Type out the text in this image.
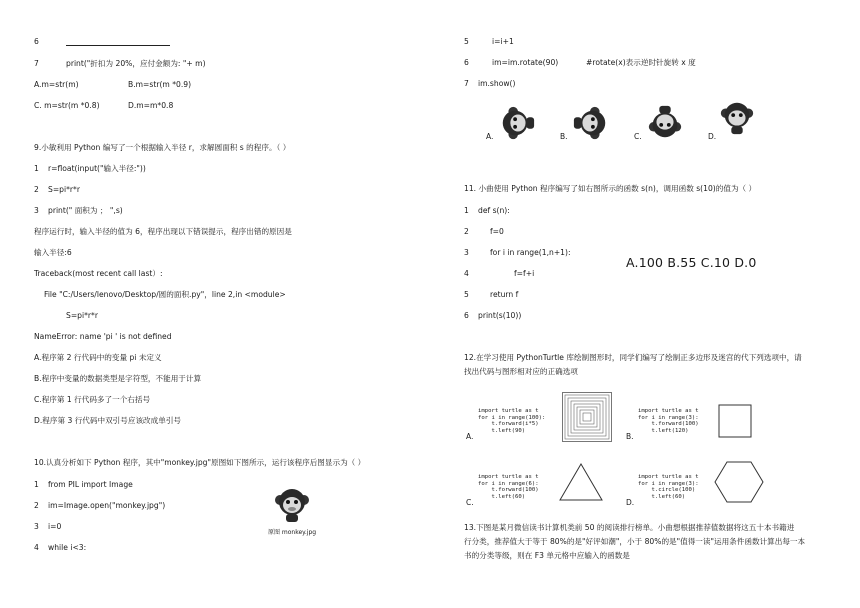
6
7	print("折扣为 20%，应付金额为: "+ m)
A.m=str(m)	B.m=str(m *0.9)
C. m=str(m *0.8)	D.m=m*0.8
9.小敏利用 Python 编写了一个根据输入半径 r，求解圆面积 s 的程序。（ ）
1 r=float(input("输入半径:"))
2 S=pi*r*r
3 print(" 面积为 ； ",s)
程序运行时，输入半径的值为 6，程序出现以下错误提示，程序出错的原因是
输入半径:6
Traceback(most recent call last）:
File "C:/Users/lenovo/Desktop/圆的面积.py"，line 2,in <module>
S=pi*r*r
NameError: name 'pi ' is not defined
A.程序第 2 行代码中的变量 pi 未定义
B.程序中变量的数据类型是字符型，不能用于计算
C.程序第 1 行代码多了一个右括号
D.程序第 3 行代码中双引号应该改成单引号
10.认真分析如下 Python 程序，其中"monkey.jpg"原图如下图所示，运行该程序后图显示为（ ）
1 from PIL import Image
2 im=Image.open("monkey.jpg")
3 i=0
4 while i<3:
原图 monkey.jpg
5	i=i+1
6	im=im.rotate(90)	#rotate(x)表示逆时针旋转 x 度
7 im.show()
A.	B.	C.	D.
11. 小曲使用 Python 程序编写了如右图所示的函数 s(n)，调用函数 s(10)的值为（ ）
1 def s(n):
2	f=0
3	for i in range(1,n+1):
4	f=f+i
5	return f
6 print(s(10))
A.100 B.55 C.10 D.0
12.在学习使用 PythonTurtle 库绘制图形时，同学们编写了绘制正多边形及迷宫的代下列选项中，请
找出代码与图形相对应的正确选项
import turtle as t
for i in range(100):
t.forward(i*5)
t.left(90)
A.
import turtle as t
for i in range(3):
t.forward(100)
t.left(120)
B.
import turtle as t
for i in range(6):
t.forward(100)
t.left(60)
C.
import turtle as t
for i in range(3):
t.circle(100)
t.left(60)
D.
13.下图是某月微信读书计算机类前 50 的阅读排行榜单。小曲想根据推荐值数据将这五十本书籍进
行分类，推荐值大于等于 80%的是"好评如潮"，小于 80%的是"值得一读"运用条件函数计算出每一本
书的分类等级，则在 F3 单元格中应输入的函数是
